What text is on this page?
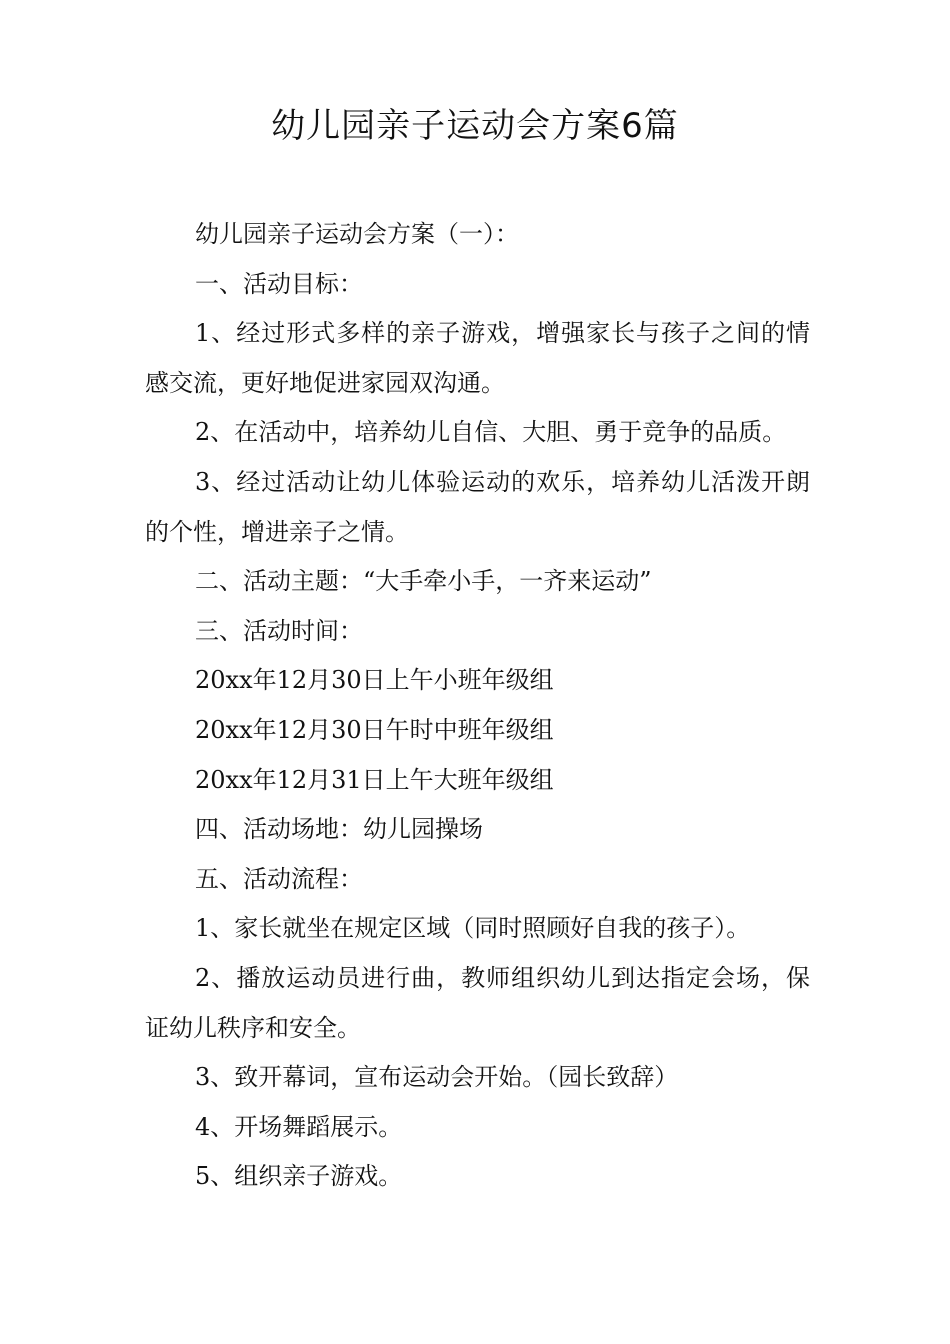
幼儿园亲子运动会方案6篇

幼儿园亲子运动会方案（一）：

一、活动目标：

1、经过形式多样的亲子游戏，增强家长与孩子之间的情感交流，更好地促进家园双沟通。

2、在活动中，培养幼儿自信、大胆、勇于竞争的品质。

3、经过活动让幼儿体验运动的欢乐，培养幼儿活泼开朗的个性，增进亲子之情。

二、活动主题：“大手牵小手，一齐来运动”

三、活动时间：

20xx年12月30日上午小班年级组

20xx年12月30日午时中班年级组

20xx年12月31日上午大班年级组

四、活动场地：幼儿园操场

五、活动流程：

1、家长就坐在规定区域（同时照顾好自我的孩子）。

2、播放运动员进行曲，教师组织幼儿到达指定会场，保证幼儿秩序和安全。

3、致开幕词，宣布运动会开始。（园长致辞）

4、开场舞蹈展示。

5、组织亲子游戏。
